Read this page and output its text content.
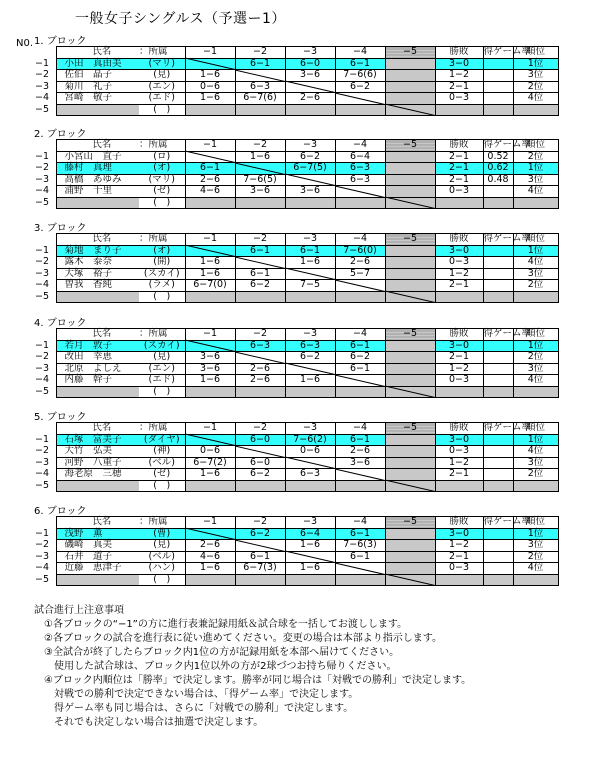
一般女子シングルス（予選ー1）
N0. 1. ブロック
	氏名	：所属	−1	−2	−3	−4	−5	勝敗	得ゲーム率	順位
−1	小田　真由美	(マリ)		6−1	6−0	6−1		3−0		1位
−2	佐伯　晶子	(見)	1−6		3−6	7−6(6)		1−2		3位
−3	菊川　礼子	(エン)	0−6	6−3		6−2		2−1		2位
−4	宮崎　敬子	(エド)	1−6	6−7(6)	2−6			0−3		4位
−5		(　)								
2. ブロック
	氏名	：所属	−1	−2	−3	−4	−5	勝敗	得ゲーム率	順位
−1	小宮山　直子	(ロ)		1−6	6−2	6−4		2−1	0.52	2位
−2	藤村　真理	(オ)	6−1		6−7(5)	6−3		2−1	0.62	1位
−3	高橋　あゆみ	(マリ)	2−6	7−6(5)		6−3		2−1	0.48	3位
−4	浦野　千里	(ゼ)	4−6	3−6	3−6			0−3		4位
−5		(　)								
3. ブロック
	氏名	：所属	−1	−2	−3	−4	−5	勝敗	得ゲーム率	順位
−1	菊地　まり子	(オ)		6−1	6−1	7−6(0)		3−0		1位
−2	露木　泰奈	(開)	1−6		1−6	2−6		0−3		4位
−3	大塚　裕子	(スカイ)	1−6	6−1		5−7		1−2		3位
−4	曽我　香純	(ラメ)	6−7(0)	6−2	7−5			2−1		2位
−5		(　)								
4. ブロック
	氏名	：所属	−1	−2	−3	−4	−5	勝敗	得ゲーム率	順位
−1	若月　敦子	(スカイ)		6−3	6−3	6−1		3−0		1位
−2	改田　幸恵	(見)	3−6		6−2	6−2		2−1		2位
−3	北原　よしえ	(エン)	3−6	2−6		6−1		1−2		3位
−4	内藤　幹子	(エド)	1−6	2−6	1−6			0−3		4位
−5		(　)								
5. ブロック
	氏名	：所属	−1	−2	−3	−4	−5	勝敗	得ゲーム率	順位
−1	石塚　富美子	(ダイヤ)		6−0	7−6(2)	6−1		3−0		1位
−2	大竹　弘美	(神)	0−6		0−6	2−6		0−3		4位
−3	河野　八重子	(ベル)	6−7(2)	6−0		3−6		1−2		3位
−4	海老原　三穂	(ゼ)	1−6	6−2	6−3			2−1		2位
−5		(　)								
6. ブロック
	氏名	：所属	−1	−2	−3	−4	−5	勝敗	得ゲーム率	順位
−1	浅野　薫	(曹)		6−2	6−4	6−1		3−0		1位
−2	磯崎　真美	(見)	2−6		1−6	7−6(3)		1−2		3位
−3	石井　道子	(ベル)	4−6	6−1		6−1		2−1		2位
−4	近藤　恵津子	(ハン)	1−6	6−7(3)	1−6			0−3		4位
−5		(　)								
試合進行上注意事項
　①各ブロックの“−1”の方に進行表兼記録用紙＆試合球を一括してお渡しします。
　②各ブロックの試合を進行表に従い進めてください。変更の場合は本部より指示します。
　③全試合が終了したらブロック内1位の方が記録用紙を本部へ届けてください。
　　使用した試合球は、ブロック内1位以外の方が2球づつお持ち帰りください。
　④ブロック内順位は「勝率」で決定します。勝率が同じ場合は「対戦での勝利」で決定します。
　　対戦での勝利で決定できない場合は、「得ゲーム率」で決定します。
　　得ゲーム率も同じ場合は、さらに「対戦での勝利」で決定します。
　　それでも決定しない場合は抽選で決定します。
